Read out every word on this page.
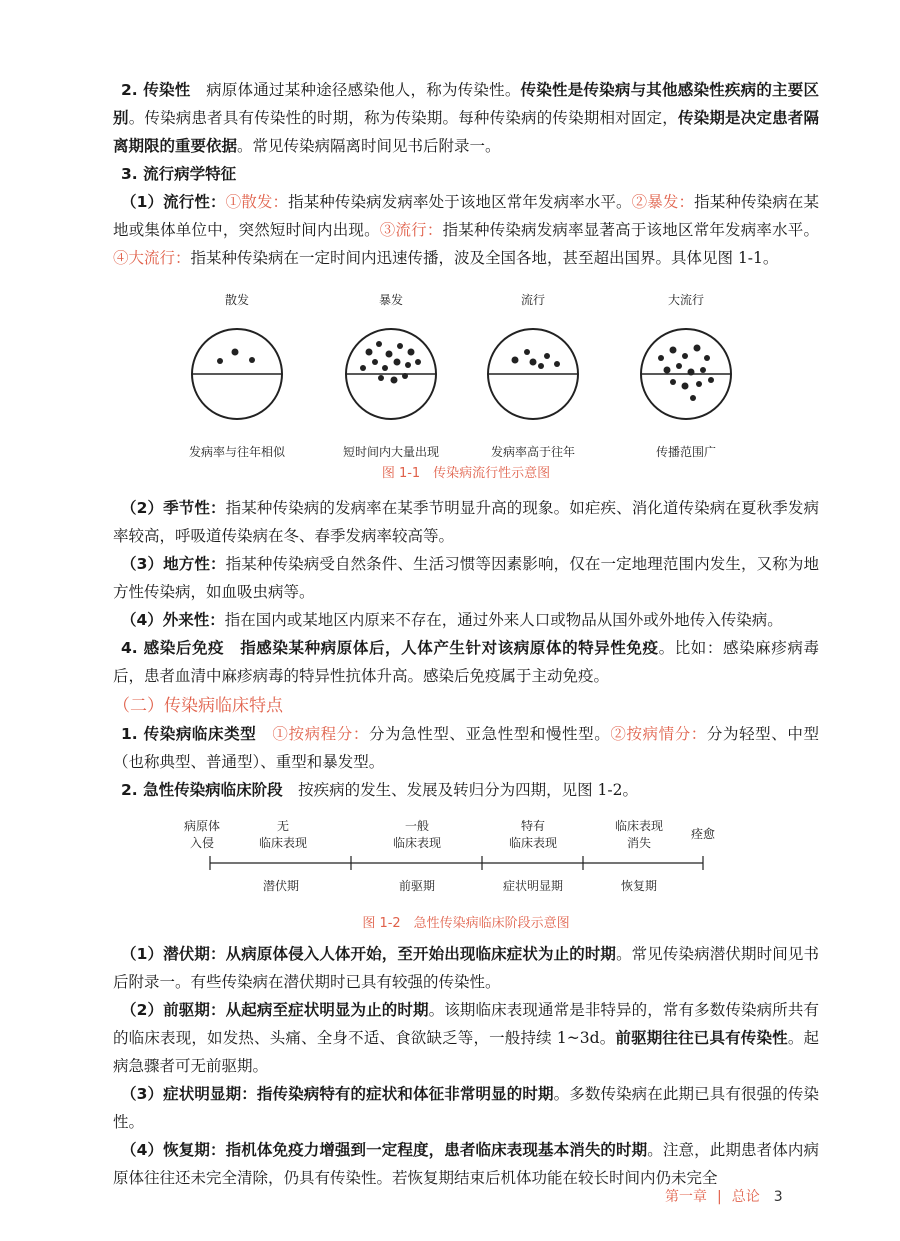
2. 传染性　 病原体通过某种途径感染他人，称为传染性。传染性是传染病与其他感染性疾病的主要区别。传染病患者具有传染性的时期，称为传染期。每种传染病的传染期相对固定，传染期是决定患者隔离期限的重要依据。常见传染病隔离时间见书后附录一。

3. 流行病学特征

（1）流行性：①散发：指某种传染病发病率处于该地区常年发病率水平。②暴发：指某种传染病在某地或集体单位中，突然短时间内出现。③流行：指某种传染病发病率显著高于该地区常年发病率水平。④大流行：指某种传染病在一定时间内迅速传播，波及全国各地，甚至超出国界。具体见图 1-1。

散发	暴发	流行	大流行
发病率与往年相似	短时间内大量出现	发病率高于往年	传播范围广
图 1-1　传染病流行性示意图

（2）季节性：指某种传染病的发病率在某季节明显升高的现象。如疟疾、消化道传染病在夏秋季发病率较高，呼吸道传染病在冬、春季发病率较高等。

（3）地方性：指某种传染病受自然条件、生活习惯等因素影响，仅在一定地理范围内发生，又称为地方性传染病，如血吸虫病等。

（4）外来性：指在国内或某地区内原来不存在，通过外来人口或物品从国外或外地传入传染病。

4. 感染后免疫　 指感染某种病原体后，人体产生针对该病原体的特异性免疫。比如：感染麻疹病毒后，患者血清中麻疹病毒的特异性抗体升高。感染后免疫属于主动免疫。

（二）传染病临床特点

1. 传染病临床类型　 ①按病程分：分为急性型、亚急性型和慢性型。②按病情分：分为轻型、中型（也称典型、普通型）、重型和暴发型。

2. 急性传染病临床阶段　 按疾病的发生、发展及转归分为四期，见图 1-2。

病原体
入侵
无
临床表现
一般
临床表现
特有
临床表现
临床表现
消失
痊愈
潜伏期	前驱期	症状明显期	恢复期
图 1-2　急性传染病临床阶段示意图

（1）潜伏期：从病原体侵入人体开始，至开始出现临床症状为止的时期。常见传染病潜伏期时间见书后附录一。有些传染病在潜伏期时已具有较强的传染性。

（2）前驱期：从起病至症状明显为止的时期。该期临床表现通常是非特异的，常有多数传染病所共有的临床表现，如发热、头痛、全身不适、食欲缺乏等，一般持续 1~3d。前驱期往往已具有传染性。起病急骤者可无前驱期。

（3）症状明显期：指传染病特有的症状和体征非常明显的时期。多数传染病在此期已具有很强的传染性。

（4）恢复期：指机体免疫力增强到一定程度，患者临床表现基本消失的时期。注意，此期患者体内病原体往往还未完全清除，仍具有传染性。若恢复期结束后机体功能在较长时间内仍未完全

第一章 | 总论 3
